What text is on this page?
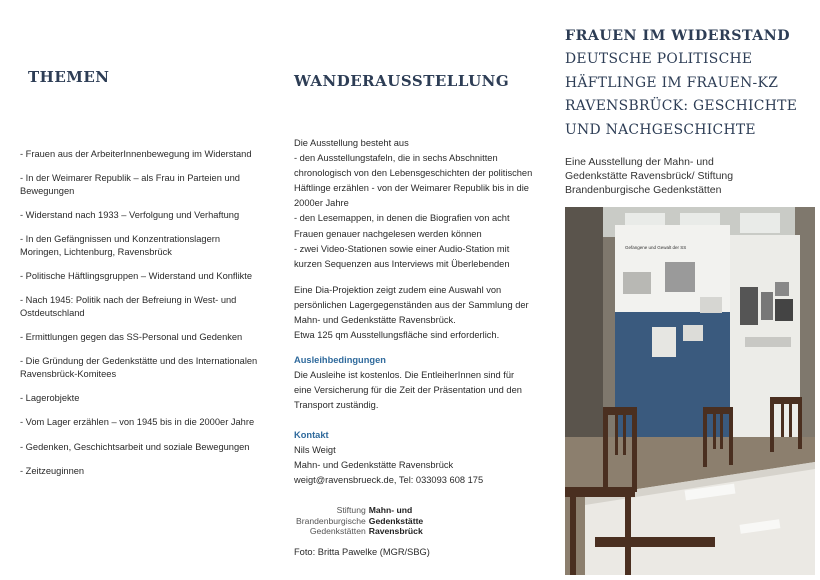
THEMEN
- Frauen aus der ArbeiterInnenbewegung im Widerstand
- In der Weimarer Republik – als Frau in Parteien und Bewegungen
- Widerstand nach 1933 – Verfolgung und Verhaftung
- In den Gefängnissen und Konzentrationslagern
Moringen, Lichtenburg, Ravensbrück
- Politische Häftlingsgruppen – Widerstand und Konflikte
- Nach 1945: Politik nach der Befreiung in West- und Ostdeutschland
- Ermittlungen gegen das SS-Personal und Gedenken
- Die Gründung der Gedenkstätte und des Internationalen Ravensbrück-Komitees
- Lagerobjekte
- Vom Lager erzählen – von 1945 bis in die 2000er Jahre
- Gedenken, Geschichtsarbeit und soziale Bewegungen
- Zeitzeuginnen
WANDERAUSSTELLUNG

Die Ausstellung besteht aus
- den Ausstellungstafeln, die in sechs Abschnitten chronologisch von den Lebensgeschichten der politischen Häftlinge erzählen - von der Weimarer Republik bis in die 2000er Jahre
- den Lesemappen, in denen die Biografien von acht Frauen genauer nachgelesen werden können
- zwei Video-Stationen sowie einer Audio-Station mit kurzen Sequenzen aus Interviews mit Überlebenden

Eine Dia-Projektion zeigt zudem eine Auswahl von persönlichen Lagergegenständen aus der Sammlung der Mahn- und Gedenkstätte Ravensbrück.
Etwa 125 qm Ausstellungsfläche sind erforderlich.

Ausleihbedingungen

Die Ausleihe ist kostenlos. Die EntleiherInnen sind für eine Versicherung für die Zeit der Präsentation und den Transport zuständig.

Kontakt

Nils Weigt
Mahn- und Gedenkstätte Ravensbrück
weigt@ravensbrueck.de, Tel: 033093 608 175

Stiftung
Brandenburgische
Gedenkstätten
Mahn- und
Gedenkstätte
Ravensbrück

Foto: Britta Pawelke (MGR/SBG)

FRAUEN IM WIDERSTAND
DEUTSCHE POLITISCHE
HÄFTLINGE IM FRAUEN-KZ
RAVENSBRÜCK: GESCHICHTE
UND NACHGESCHICHTE
Eine Ausstellung der Mahn- und
Gedenkstätte Ravensbrück/ Stiftung
Brandenburgische Gedenkstätten
Gefangene und Gewalt der SS
